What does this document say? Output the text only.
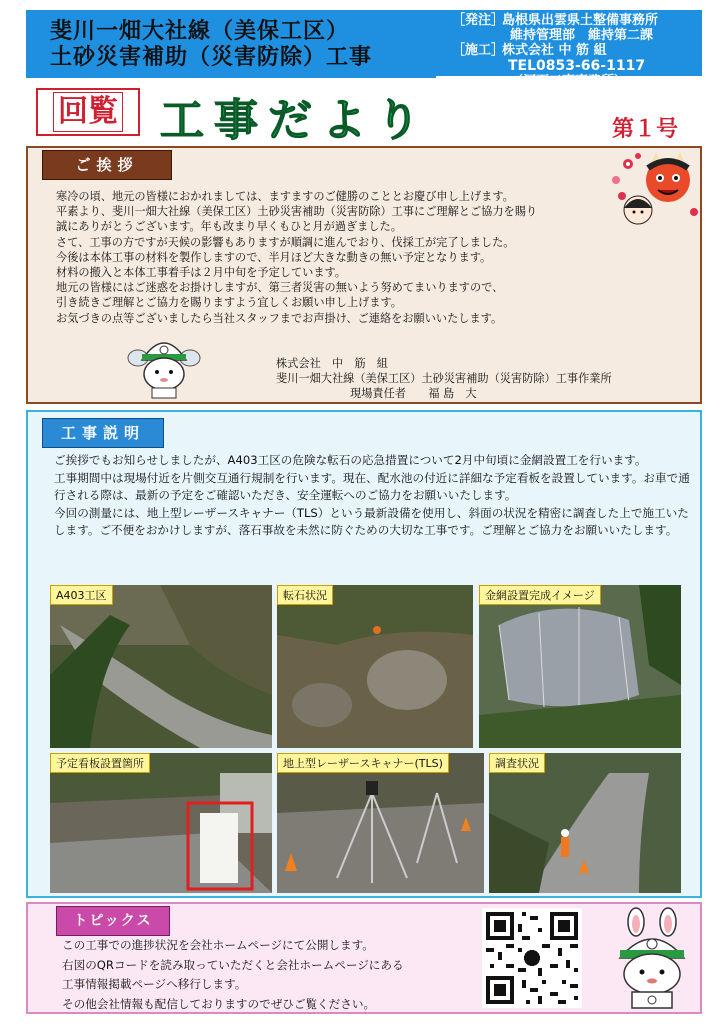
斐川一畑大社線（美保工区）
土砂災害補助（災害防除）工事
［発注］
島根県出雲県土整備事務所
維持管理部　維持第二課
［施工］
株式会社 中 筋 組
TEL0853-66-1117
（河下工事事務所）
回覧 工事だより	第１号
ご挨拶

寒冷の頃、地元の皆様におかれましては、ますますのご健勝のこととお慶び申し上げます。

平素より、斐川一畑大社線（美保工区）土砂災害補助（災害防除）工事にご理解とご協力を賜り

誠にありがとうございます。年も改まり早くもひと月が過ぎました。

さて、工事の方ですが天候の影響もありますが順調に進んでおり、伐採工が完了しました。

今後は本体工事の材料を製作しますので、半月ほど大きな動きの無い予定となります。

材料の搬入と本体工事着手は２月中旬を予定しています。

地元の皆様にはご迷惑をお掛けしますが、第三者災害の無いよう努めてまいりますので、

引き続きご理解とご協力を賜りますよう宜しくお願い申し上げます。

お気づきの点等ございましたら当社スタッフまでお声掛け、ご連絡をお願いいたします。

株式会社　中　筋　組
斐川一畑大社線（美保工区）土砂災害補助（災害防除）工事作業所
現場責任者　　福 島　大
工事説明

ご挨拶でもお知らせしましたが、A403工区の危険な転石の応急措置について2月中旬頃に金網設置工を行います。

工事期間中は現場付近を片側交互通行規制を行います。現在、配水池の付近に詳細な予定看板を設置しています。お車で通行される際は、最新の予定をご確認いただき、安全運転へのご協力をお願いいたします。

今回の測量には、地上型レーザースキャナー（TLS）という最新設備を使用し、斜面の状況を精密に調査した上で施工いたします。ご不便をおかけしますが、落石事故を未然に防ぐための大切な工事です。ご理解とご協力をお願いいたします。

A403工区	転石状況	金網設置完成イメージ
予定看板設置箇所	地上型レーザースキャナー(TLS)	調査状況
トピックス

この工事での進捗状況を会社ホームページにて公開します。

右図のQRコードを読み取っていただくと会社ホームページにある

工事情報掲載ページへ移行します。

その他会社情報も配信しておりますのでぜひご覧ください。
